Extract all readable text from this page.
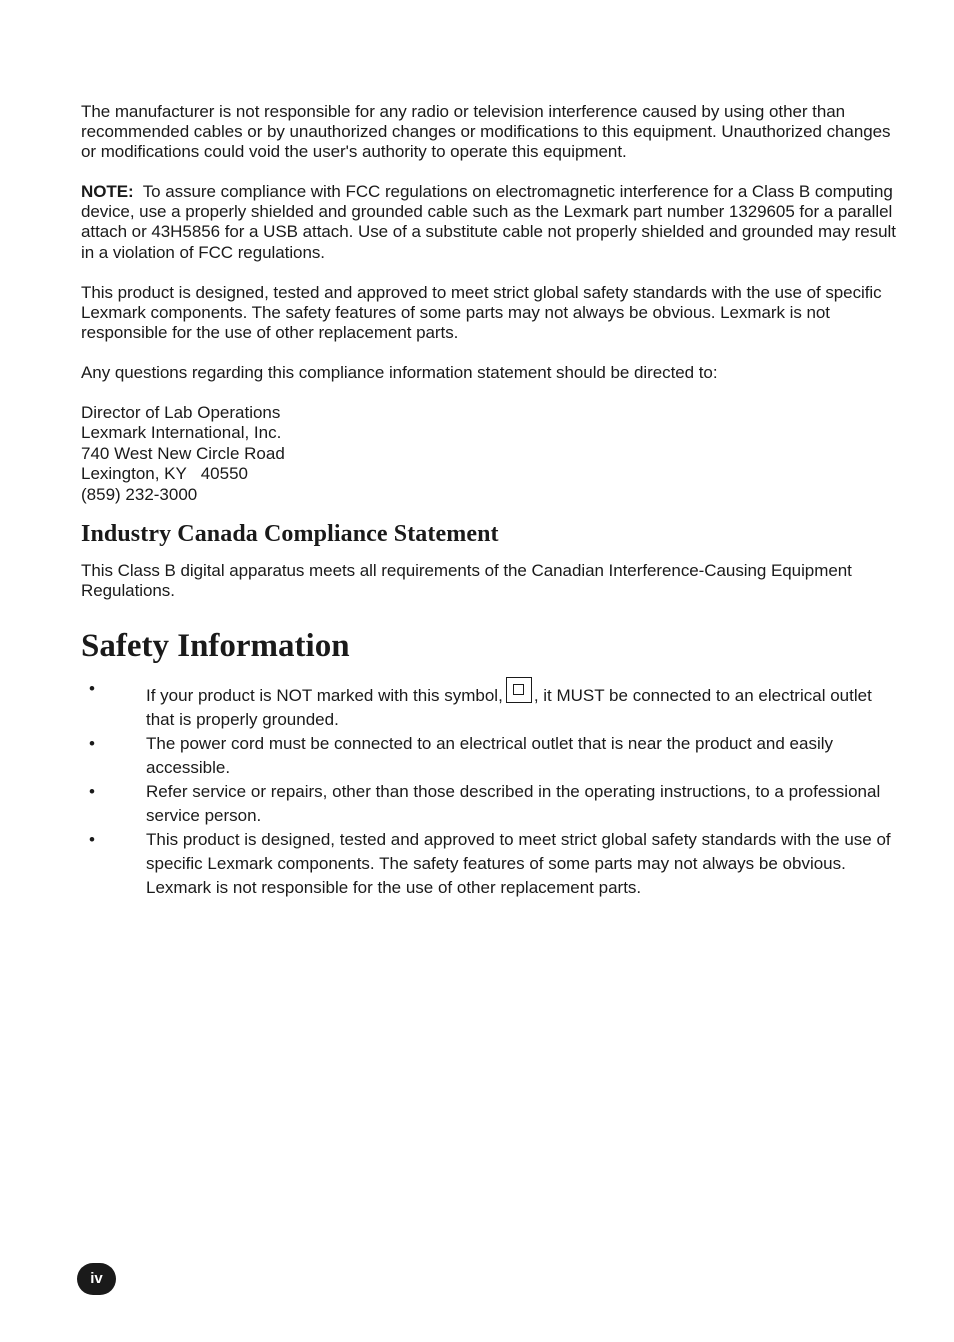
The manufacturer is not responsible for any radio or television interference caused by using other than recommended cables or by unauthorized changes or modifications to this equipment. Unauthorized changes or modifications could void the user's authority to operate this equipment.

NOTE: To assure compliance with FCC regulations on electromagnetic interference for a Class B computing device, use a properly shielded and grounded cable such as the Lexmark part number 1329605 for a parallel attach or 43H5856 for a USB attach. Use of a substitute cable not properly shielded and grounded may result in a violation of FCC regulations.

This product is designed, tested and approved to meet strict global safety standards with the use of specific Lexmark components. The safety features of some parts may not always be obvious. Lexmark is not responsible for the use of other replacement parts.

Any questions regarding this compliance information statement should be directed to:

Director of Lab Operations
Lexmark International, Inc.
740 West New Circle Road
Lexington, KY   40550
(859) 232-3000
Industry Canada Compliance Statement

This Class B digital apparatus meets all requirements of the Canadian Interference-Causing Equipment Regulations.

Safety Information
•	If your product is NOT marked with this symbol, , it MUST be connected to an electrical outlet that is properly grounded.
•	The power cord must be connected to an electrical outlet that is near the product and easily accessible.
•	Refer service or repairs, other than those described in the operating instructions, to a professional service person.
•	This product is designed, tested and approved to meet strict global safety standards with the use of specific Lexmark components. The safety features of some parts may not always be obvious. Lexmark is not responsible for the use of other replacement parts.
iv
